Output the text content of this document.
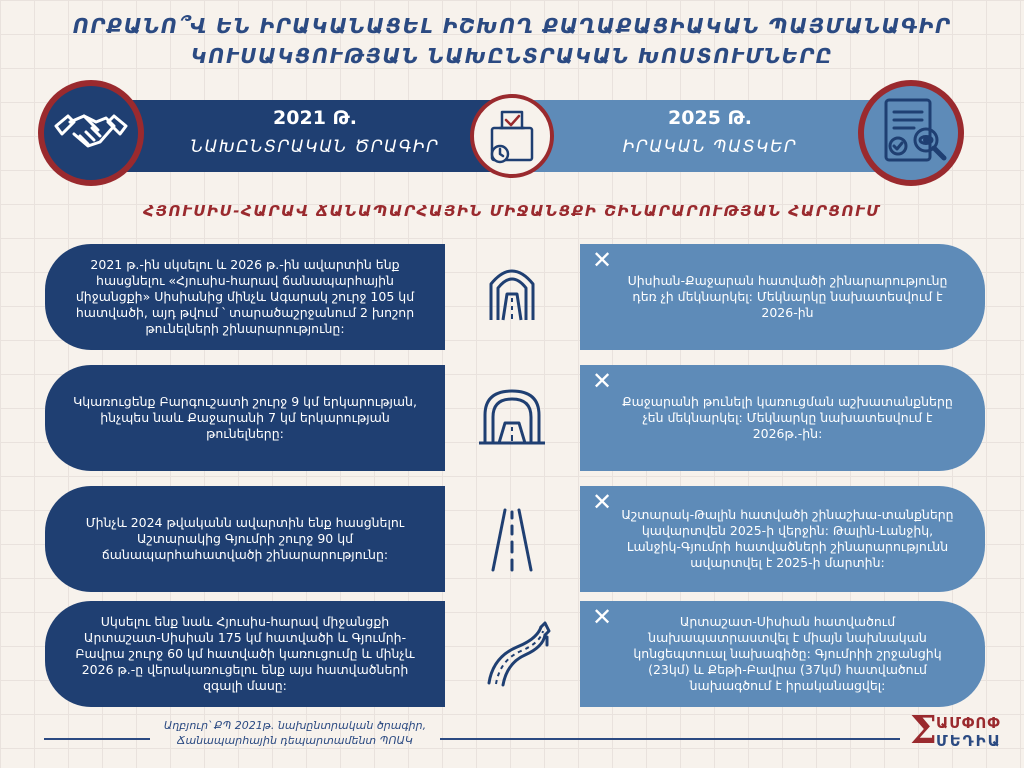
ՈՐՔԱՆՈ՞Վ ԵՆ ԻՐԱԿԱՆԱՑԵԼ ԻՇԽՈՂ ՔԱՂԱՔԱՑԻԱԿԱՆ ՊԱՅՄԱՆԱԳԻՐ
ԿՈՒՍԱԿՑՈՒԹՅԱՆ ՆԱԽԸՆՏՐԱԿԱՆ ԽՈՍՏՈՒՄՆԵՐԸ
2021 Թ.
ՆԱԽԸՆՏՐԱԿԱՆ ԾՐԱԳԻՐ
2025 Թ.
ԻՐԱԿԱՆ ՊԱՏԿԵՐ
ՀՅՈՒՍԻՍ-ՀԱՐԱՎ ՃԱՆԱՊԱՐՀԱՅԻՆ ՄԻՋԱՆՑՔԻ ՇԻՆԱՐԱՐՈՒԹՅԱՆ ՀԱՐՑՈՒՄ
2021 թ.-ին սկսելու և 2026 թ.-ին ավարտին ենք հասցնելու «Հյուսիս-հարավ ճանապարհային միջանցքի» Սիսիանից մինչև Ագարակ շուրջ 105 կմ հատվածի, այդ թվում ՝ տարածաշրջանում 2 խոշոր թունելների շինարարությունը:
✕
Սիսիան-Քաջարան հատվածի շինարարությունը դեռ չի մեկնարկել: Մեկնարկը նախատեսվում է 2026-ին
Կկառուցենք Բարգուշատի շուրջ 9 կմ երկարության, ինչպես նաև Քաջարանի 7 կմ երկարության թունելները:
✕
Քաջարանի թունելի կառուցման աշխատանքները չեն մեկնարկել: Մեկնարկը նախատեսվում է 2026թ.-ին:
Մինչև 2024 թվականն ավարտին ենք հասցնելու Աշտարակից Գյումրի շուրջ 90 կմ ճանապարհահատվածի շինարարությունը:
✕ Աշտարակ-Թալին հատվածի շինաշխա-տանքները կավարտվեն 2025-ի վերջին: Թալին-Լանջիկ, Լանջիկ-Գյումրի հատվածների շինարարությունն ավարտվել է 2025-ի մարտին:
Սկսելու ենք նաև Հյուսիս-հարավ միջանցքի Արտաշատ-Սիսիան 175 կմ հատվածի և Գյումրի- Բավրա շուրջ 60 կմ հատվածի կառուցումը և մինչև 2026 թ.-ը վերակառուցելու ենք այս հատվածների զգալի մասը:
✕	Արտաշատ-Սիսիան հատվածում նախապատրաստվել է միայն նախնական կոնցեպտուալ նախագիծը: Գյումրիի շրջանցիկ (23կմ) և Քեթի-Բավրա (37կմ) հատվածում նախագծում է իրականացվել:
Աղբյուր՝ ՔՊ 2021թ. նախընտրական ծրագիր,
Ճանապարհային դեպարտամենտ ՊՈԱԿ	Σ ԱՄՓՈՓ
ՄԵԴԻԱ
